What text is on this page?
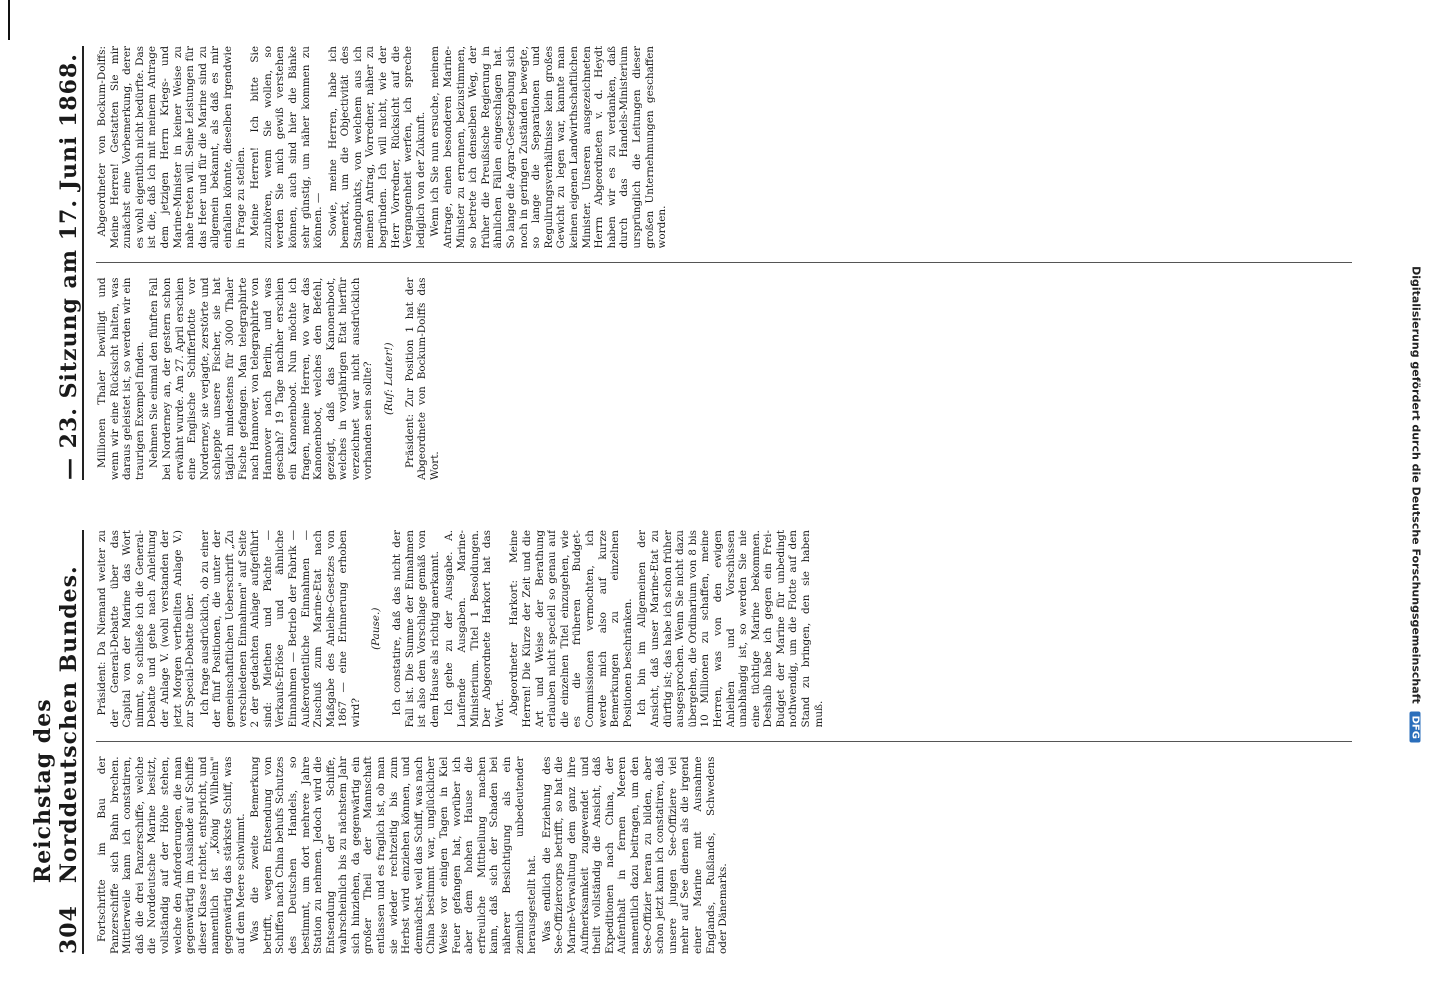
304
Reichstag des Norddeutschen Bundes. Fortschritte im Bau der Panzerschiffe sich Bahn brechen. Mittlerweile kann ich constatiren, daß die drei Panzerschiffe, welche die Norddeutsche Marine besitzt, vollständig auf der Höhe stehen, welche den Anforderungen, die man gegenwärtig im Auslande auf Schiffe dieser Klasse richtet, entspricht, und namentlich ist „König Wilhelm" gegenwärtig das stärkste Schiff, was auf dem Meere schwimmt. Was die zweite Bemerkung betrifft, wegen Entsendung von Schiffen nach China behufs Schutzes des Deutschen Handels, so bestimmt, um dort mehrere Jahre Station zu nehmen. Jedoch wird die Entsendung der Schiffe, wahrscheinlich bis zu nächstem Jahr sich hinziehen, da gegenwärtig ein großer Theil der Mannschaft entlassen und es fraglich ist, ob man sie wieder rechtzeitig bis zum Herbst wird einziehen können, und demnächst, weil das Schiff, was nach China bestimmt war, unglücklicher Weise vor einigen Tagen in Kiel Feuer gefangen hat, worüber ich aber dem hohen Hause die erfreuliche Mittheilung machen kann, daß sich der Schaden bei näherer Besichtigung als ein ziemlich unbedeutender herausgestellt hat. Was endlich die Erziehung des See-Offiziercorps betrifft, so hat die Marine-Verwaltung dem ganz ihre Aufmerksamkeit zugewendet und theilt vollständig die Ansicht, daß Expeditionen nach China, der Aufenthalt in fernen Meeren namentlich dazu beitragen, um den See-Offizier heran zu bilden, aber schon jetzt kann ich constatiren, daß unsere jungen See-Offiziere viel mehr auf See dienen als die irgend einer Marine mit Ausnahme Englands, Rußlands, Schwedens oder Dänemarks.

Präsident: Da Niemand weiter zu der General-Debatte über das Capital von der Marine das Wort nimmt, so schließe ich die General-Debatte und gehe nach Anleitung der Anlage V. (wohl verstanden der jetzt Morgen vertheilten Anlage V.) zur Special-Debatte über. Ich frage ausdrücklich, ob zu einer der fünf Positionen, die unter der gemeinschaftlichen Ueberschrift „Zu verschiedenen Einnahmen" auf Seite 2 der gedachten Anlage aufgeführt sind: Miethen und Pächte — Verkaufs-Erlöse und ähnliche Einnahmen — Betrieb der Fabrik — Außerordentliche Einnahmen — Zuschuß zum Marine-Etat nach Maßgabe des Anleihe-Gesetzes von 1867 — eine Erinnerung erhoben wird?

(Pause.) Ich constatire, daß das nicht der Fall ist. Die Summe der Einnahmen ist also dem Vorschlage gemäß von dem Hause als richtig anerkannt. Ich gehe zu der Ausgabe. A. Laufende Ausgaben. Marine-Ministerium. Titel 1 Besoldungen. Der Abgeordnete Harkort hat das Wort. Abgeordneter Harkort: Meine Herren! Die Kürze der Zeit und die Art und Weise der Berathung erlauben nicht speciell so genau auf die einzelnen Titel einzugehen, wie es die früheren Budget-Commissionen vermochten, ich werde mich also auf kurze Bemerkungen zu einzelnen Positionen beschränken. Ich bin im Allgemeinen der Ansicht, daß unser Marine-Etat zu dürftig ist; das habe ich schon früher ausgesprochen. Wenn Sie nicht dazu übergehen, die Ordinarium von 8 bis 10 Millionen zu schaffen, meine Herren, was von den ewigen Anleihen und Vorschüssen unabhängig ist, so werden Sie nie eine tüchtige Marine bekommen. Deshalb habe ich gegen ein Frei-Budget der Marine für unbedingt nothwendig, um die Flotte auf den Stand zu bringen, den sie haben muß.

— 23. Sitzung am 17. Juni 1868. Millionen Thaler bewilligt und wenn wir eine Rücksicht halten, was daraus geleistet ist, so werden wir ein traurigen Exempel finden. Nehmen Sie einmal den fünften Fall bei Norderney an, der gestern schon erwähnt wurde. Am 27. April erschien eine Englische Schifferflotte vor Norderney, sie verjagte, zerstörte und schleppte unsere Fischer, sie hat täglich mindestens für 3000 Thaler Fische gefangen. Man telegraphirte nach Hannover, von telegraphirte von Hannover nach Berlin, und was geschah? 19 Tage nachher erschien ein Kanonenboot. Nun möchte ich fragen, meine Herren, wo war das Kanonenboot, welches den Befehl, gezeigt, daß das Kanonenboot, welches in vorjährigen Etat hierfür verzeichnet war nicht ausdrücklich vorhanden sein sollte? (Ruf: Lauter!) Präsident: Zur Position 1 hat der Abgeordnete von Bockum-Dolffs das Wort.

Abgeordneter von Bockum-Dolffs: Meine Herren! Gestatten Sie mir zunächst eine Vorbemerkung, derer es wohl eigentlich nicht bedürfte. Das ist die, daß ich mit meinem Antrage dem jetzigen Herrn Kriegs- und Marine-Minister in keiner Weise zu nahe treten will. Seine Leistungen für das Heer und für die Marine sind zu allgemein bekannt, als daß es mir einfallen könnte, dieselben irgendwie in Frage zu stellen. Meine Herren! Ich bitte Sie zuzuhören, wenn Sie wollen, so werden Sie mich gewiß verstehen können, auch sind hier die Bänke sehr günstig, um näher kommen zu können. — Sowie, meine Herren, habe ich bemerkt, um die Objectivität des Standpunkts, von welchem aus ich meinen Antrag, Vorredner, näher zu begründen. Ich will nicht, wie der Herr Vorredner, Rücksicht auf die Vergangenheit werfen, ich spreche lediglich von der Zukunft. Wenn ich Sie nun ersuche, meinem Antrage, einen besonderen Marine-Minister zu ernennen, beizustimmen, so betrete ich denselben Weg, der früher die Preußische Regierung in ähnlichen Fällen eingeschlagen hat. So lange die Agrar-Gesetzgebung sich noch in geringen Zuständen bewegte, so lange die Separationen und Regulirungsverhältnisse kein großes Gewicht zu legen war, kannte man keinen eigenen Landwirthschaftlichen Minister. Unseren ausgezeichneten Herrn Abgeordneten v. d. Heydt haben wir es zu verdanken, daß durch das Handels-Ministerium ursprünglich die Leitungen dieser großen Unternehmungen geschaffen worden.

Digitalisierung gefördert durch die Deutsche Forschungsgemeinschaft DFG
